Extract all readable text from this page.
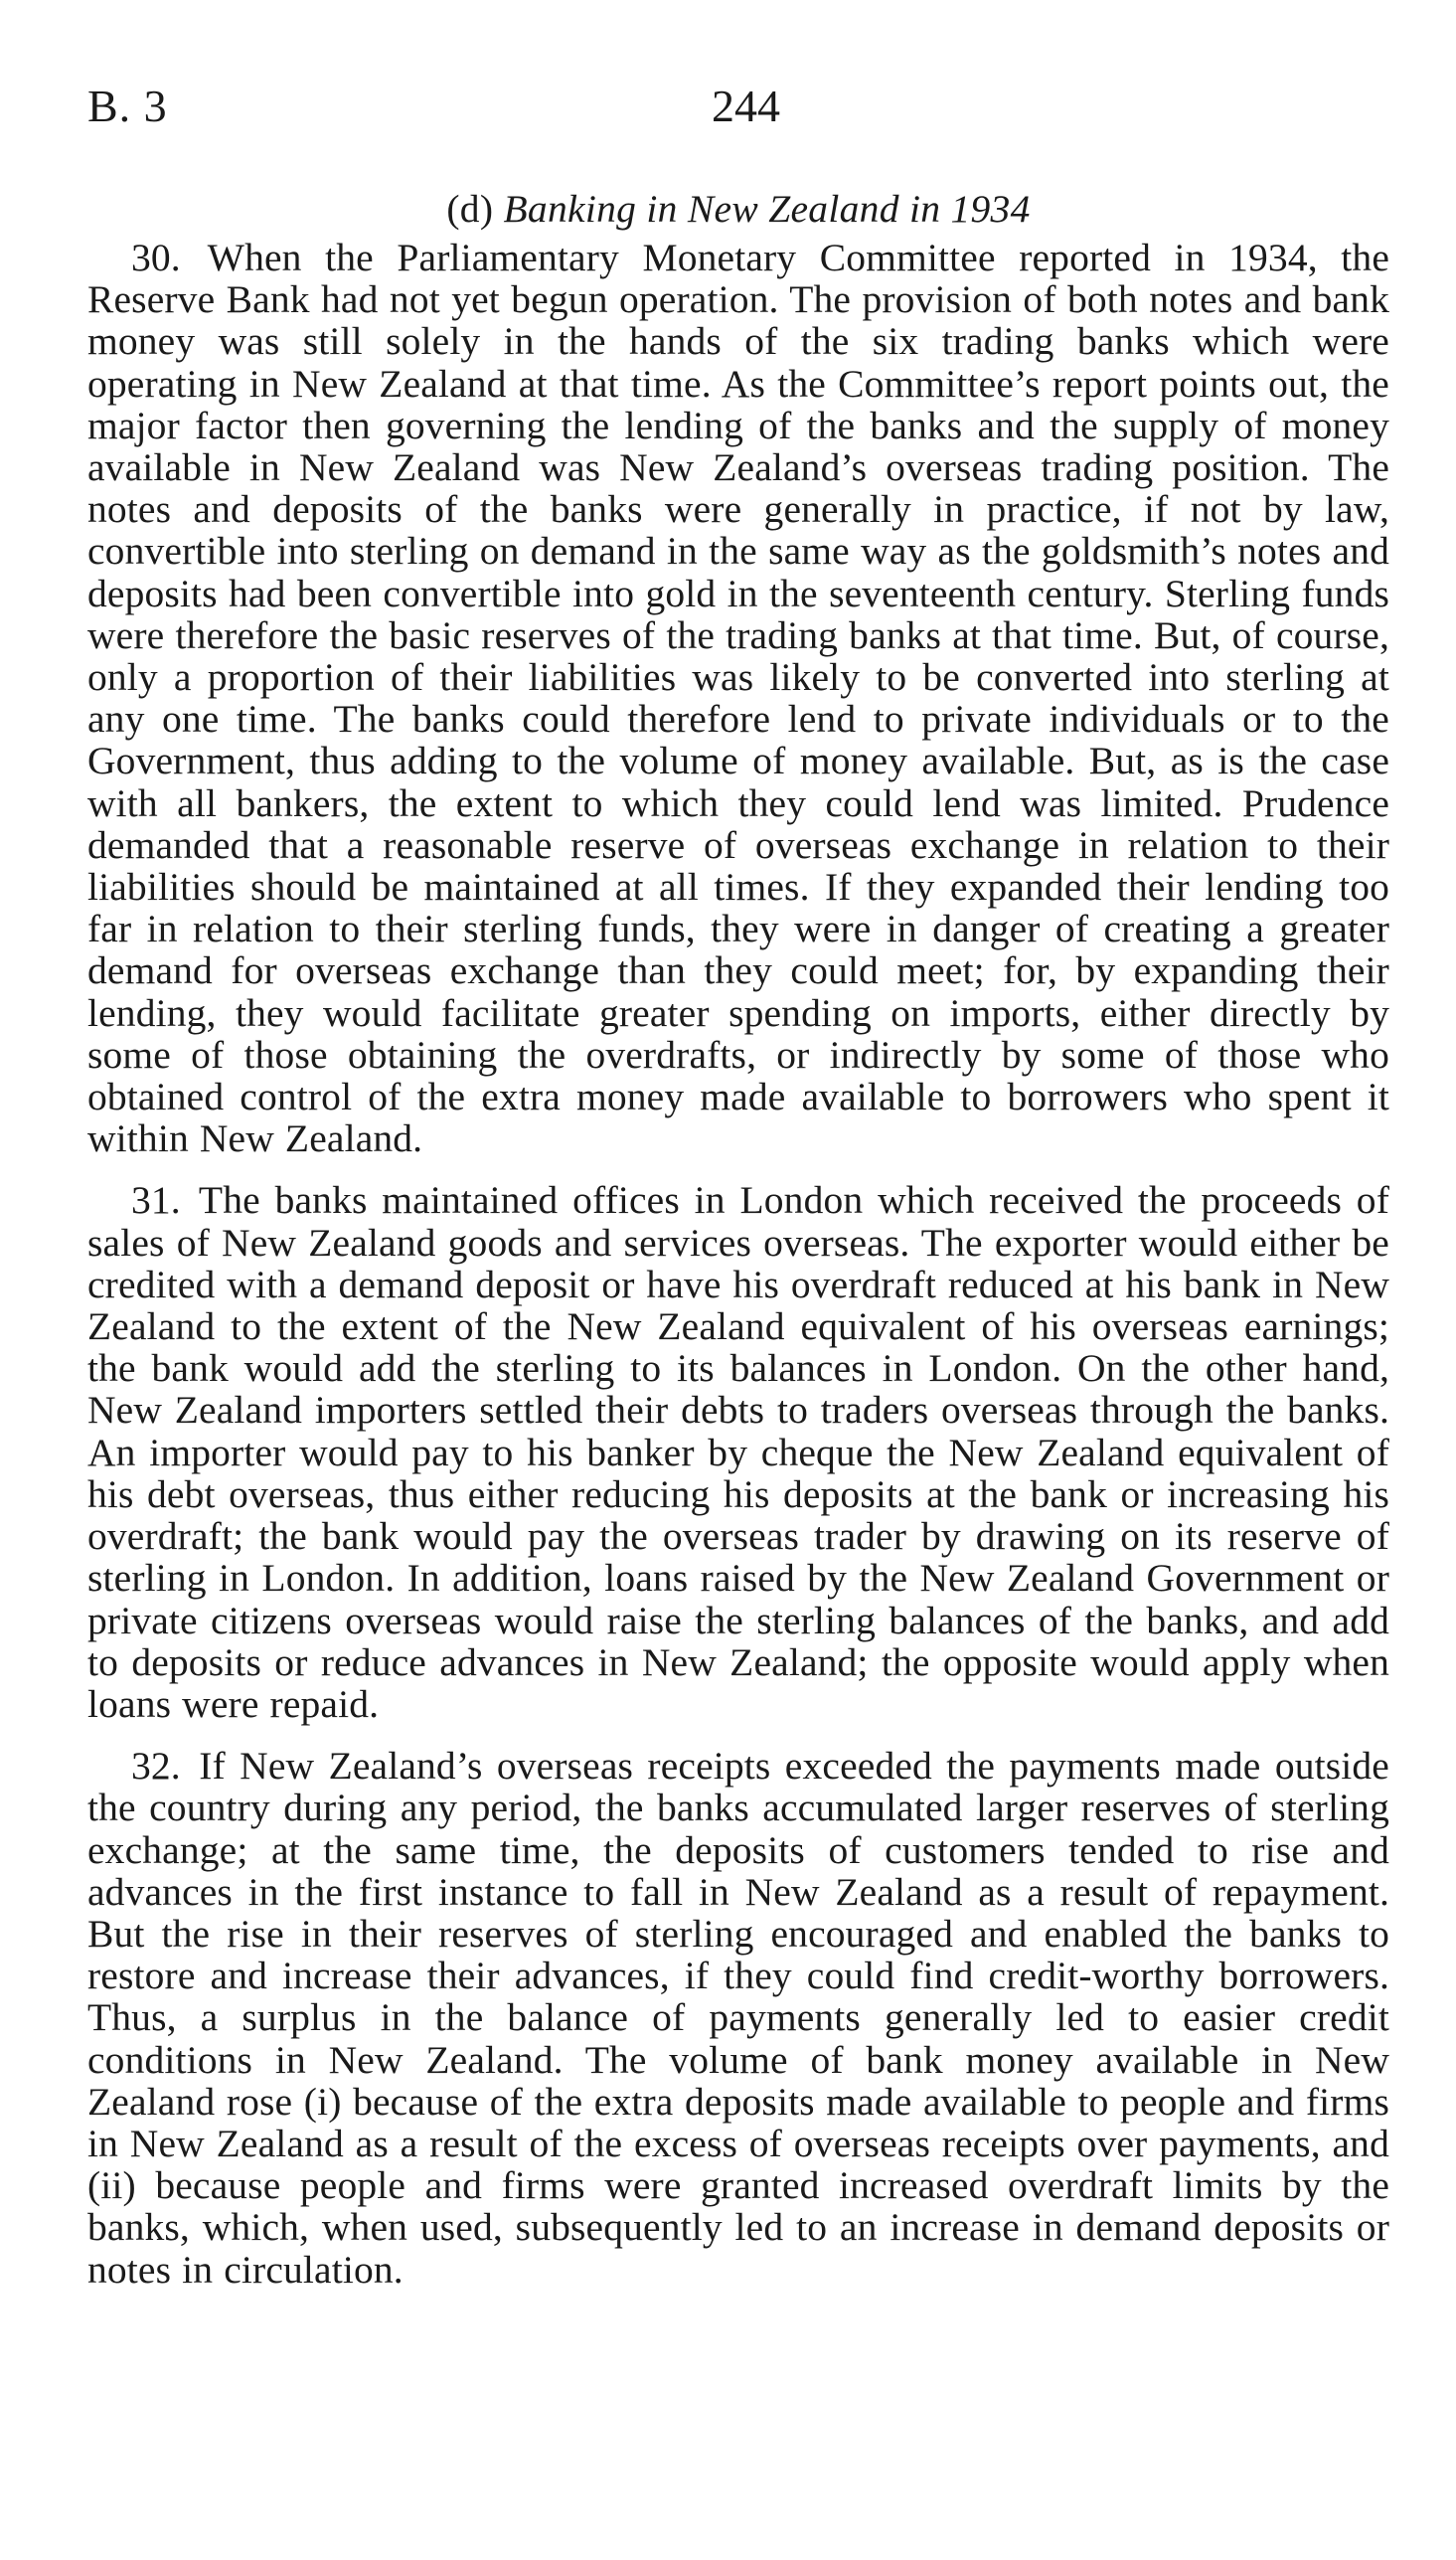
B. 3	244
(d) Banking in New Zealand in 1934

30. When the Parliamentary Monetary Committee reported in 1934, the Reserve Bank had not yet begun operation. The provision of both notes and bank money was still solely in the hands of the six trading banks which were operating in New Zealand at that time. As the Committee’s report points out, the major factor then governing the lending of the banks and the supply of money available in New Zealand was New Zealand’s overseas trading position. The notes and deposits of the banks were generally in practice, if not by law, convertible into sterling on demand in the same way as the goldsmith’s notes and deposits had been convertible into gold in the seventeenth century. Sterling funds were therefore the basic reserves of the trading banks at that time. But, of course, only a proportion of their liabilities was likely to be converted into sterling at any one time. The banks could therefore lend to private individuals or to the Government, thus adding to the volume of money available. But, as is the case with all bankers, the extent to which they could lend was limited. Prudence demanded that a reasonable reserve of overseas exchange in relation to their liabilities should be maintained at all times. If they expanded their lending too far in relation to their sterling funds, they were in danger of creating a greater demand for overseas exchange than they could meet; for, by expanding their lending, they would facilitate greater spending on imports, either directly by some of those obtaining the overdrafts, or indirectly by some of those who obtained control of the extra money made available to borrowers who spent it within New Zealand.

31. The banks maintained offices in London which received the proceeds of sales of New Zealand goods and services overseas. The exporter would either be credited with a demand deposit or have his overdraft reduced at his bank in New Zealand to the extent of the New Zealand equivalent of his overseas earnings; the bank would add the sterling to its balances in London. On the other hand, New Zealand importers settled their debts to traders overseas through the banks. An importer would pay to his banker by cheque the New Zealand equivalent of his debt overseas, thus either reducing his deposits at the bank or increasing his overdraft; the bank would pay the overseas trader by drawing on its reserve of sterling in London. In addition, loans raised by the New Zealand Government or private citizens overseas would raise the sterling balances of the banks, and add to deposits or reduce advances in New Zealand; the opposite would apply when loans were repaid.

32. If New Zealand’s overseas receipts exceeded the payments made outside the country during any period, the banks accumulated larger reserves of sterling exchange; at the same time, the deposits of customers tended to rise and advances in the first instance to fall in New Zealand as a result of repayment. But the rise in their reserves of sterling encouraged and enabled the banks to restore and increase their advances, if they could find credit-worthy borrowers. Thus, a surplus in the balance of payments generally led to easier credit conditions in New Zealand. The volume of bank money available in New Zealand rose (i) because of the extra deposits made available to people and firms in New Zealand as a result of the excess of overseas receipts over payments, and (ii) because people and firms were granted increased overdraft limits by the banks, which, when used, subsequently led to an increase in demand deposits or notes in circulation.
